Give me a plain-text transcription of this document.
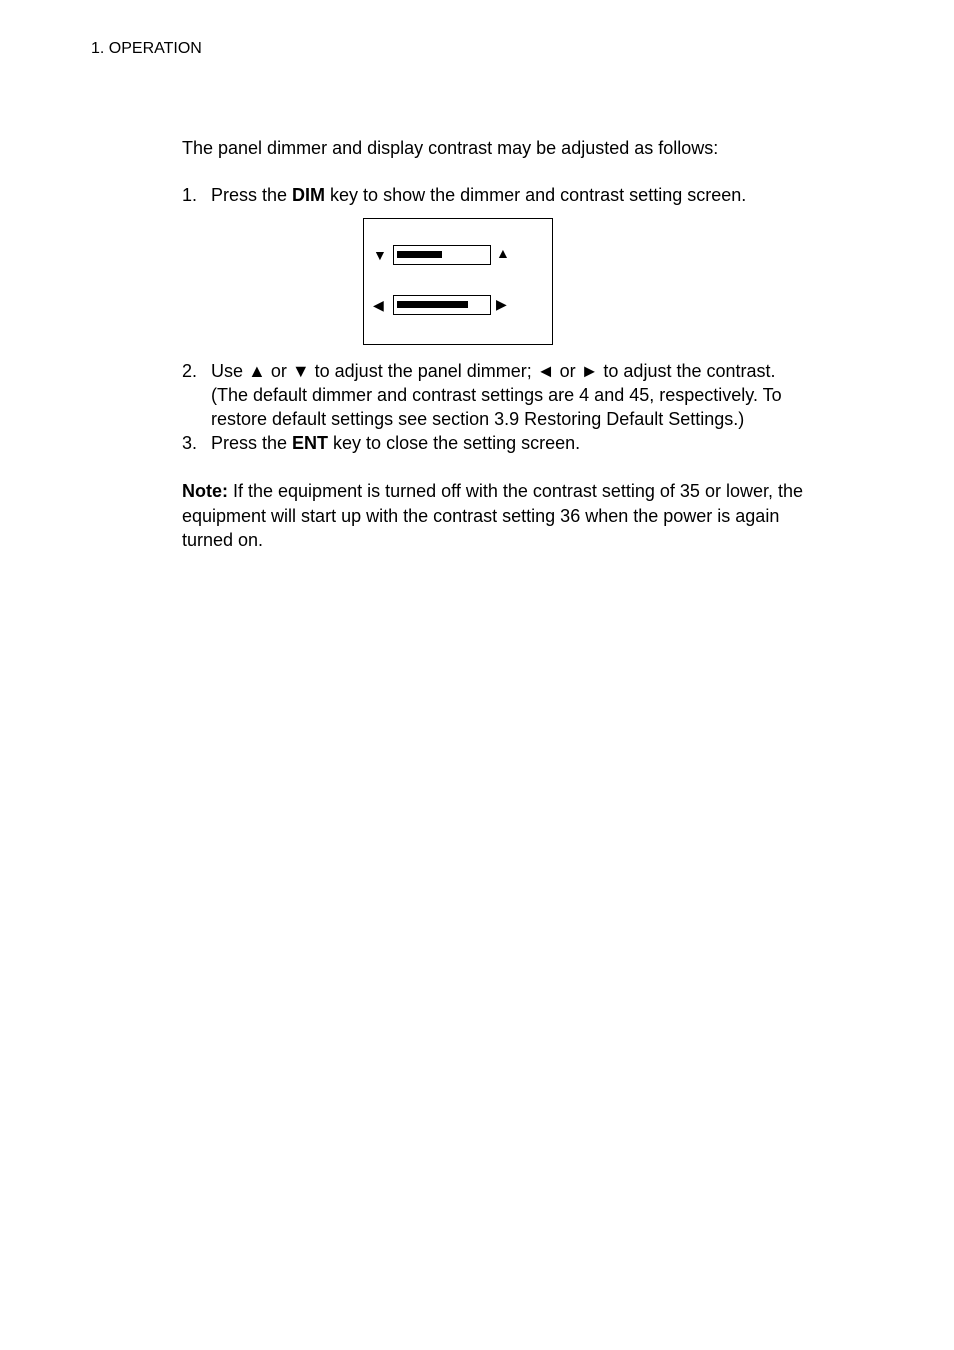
1. OPERATION
The panel dimmer and display contrast may be adjusted as follows:
1. Press the DIM key to show the dimmer and contrast setting screen.
▼	▲
◀	▶
2. Use ▲ or ▼ to adjust the panel dimmer; ◄ or ► to adjust the contrast.
(The default dimmer and contrast settings are 4 and 45, respectively. To
restore default settings see section 3.9 Restoring Default Settings.)
3. Press the ENT key to close the setting screen.
Note: If the equipment is turned off with the contrast setting of 35 or lower, the equipment will start up with the contrast setting 36 when the power is again turned on.
